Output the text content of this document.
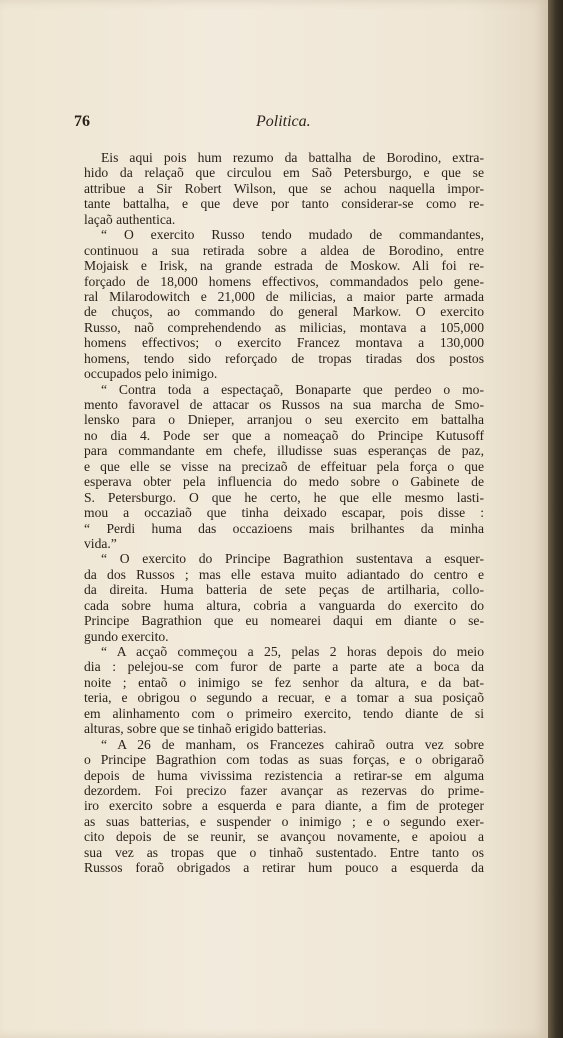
76	Politica.
Eis aqui pois hum rezumo da battalha de Borodino, extra-
hido da relaçaõ que circulou em Saõ Petersburgo, e que se
attribue a Sir Robert Wilson, que se achou naquella impor-
tante battalha, e que deve por tanto considerar-se como re-
laçaõ authentica.
“ O exercito Russo tendo mudado de commandantes,
continuou a sua retirada sobre a aldea de Borodino, entre
Mojaisk e Irisk, na grande estrada de Moskow. Ali foi re-
forçado de 18,000 homens effectivos, commandados pelo gene-
ral Milarodowitch e 21,000 de milicias, a maior parte armada
de chuços, ao commando do general Markow. O exercito
Russo, naõ comprehendendo as milicias, montava a 105,000
homens effectivos; o exercito Francez montava a 130,000
homens, tendo sido reforçado de tropas tiradas dos postos
occupados pelo inimigo.
“ Contra toda a espectaçaõ, Bonaparte que perdeo o mo-
mento favoravel de attacar os Russos na sua marcha de Smo-
lensko para o Dnieper, arranjou o seu exercito em battalha
no dia 4. Pode ser que a nomeaçaõ do Principe Kutusoff
para commandante em chefe, illudisse suas esperanças de paz,
e que elle se visse na precizaõ de effeituar pela força o que
esperava obter pela influencia do medo sobre o Gabinete de
S. Petersburgo. O que he certo, he que elle mesmo lasti-
mou a occaziaõ que tinha deixado escapar, pois disse :
“ Perdi huma das occazioens mais brilhantes da minha
vida.”
“ O exercito do Principe Bagrathion sustentava a esquer-
da dos Russos ; mas elle estava muito adiantado do centro e
da direita. Huma batteria de sete peças de artilharia, collo-
cada sobre huma altura, cobria a vanguarda do exercito do
Principe Bagrathion que eu nomearei daqui em diante o se-
gundo exercito.
“ A acçaõ commeçou a 25, pelas 2 horas depois do meio
dia : pelejou-se com furor de parte a parte ate a boca da
noite ; entaõ o inimigo se fez senhor da altura, e da bat-
teria, e obrigou o segundo a recuar, e a tomar a sua posiçaõ
em alinhamento com o primeiro exercito, tendo diante de si
alturas, sobre que se tinhaõ erigido batterias.
“ A 26 de manham, os Francezes cahiraõ outra vez sobre
o Principe Bagrathion com todas as suas forças, e o obrigaraõ
depois de huma vivissima rezistencia a retirar-se em alguma
dezordem. Foi precizo fazer avançar as rezervas do prime-
iro exercito sobre a esquerda e para diante, a fim de proteger
as suas batterias, e suspender o inimigo ; e o segundo exer-
cito depois de se reunir, se avançou novamente, e apoiou a
sua vez as tropas que o tinhaõ sustentado. Entre tanto os
Russos foraõ obrigados a retirar hum pouco a esquerda da
